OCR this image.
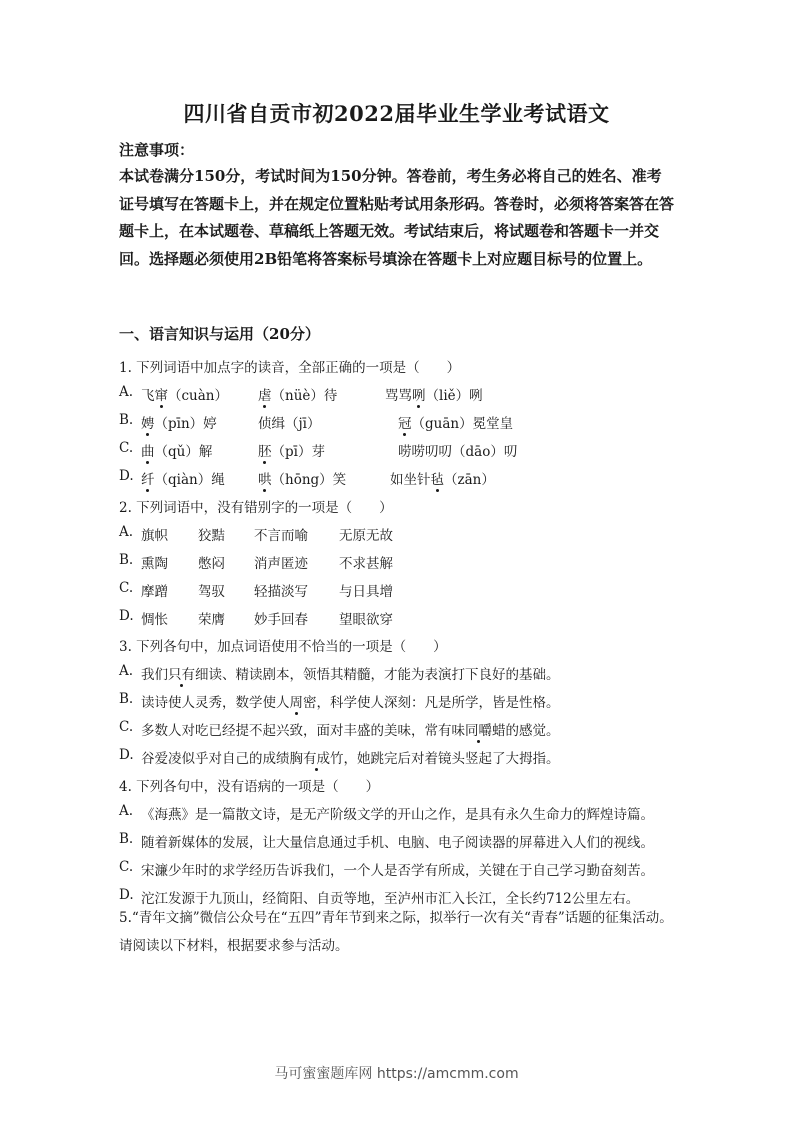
四川省自贡市初2022届毕业生学业考试语文
注意事项：
本试卷满分150分，考试时间为150分钟。答卷前，考生务必将自己的姓名、准考证号填写在答题卡上，并在规定位置粘贴考试用条形码。答卷时，必须将答案答在答题卡上，在本试题卷、草稿纸上答题无效。考试结束后，将试题卷和答题卡一并交回。选择题必须使用2B铅笔将答案标号填涂在答题卡上对应题目标号的位置上。
一、语言知识与运用（20分）
1. 下列词语中加点字的读音，全部正确的一项是（　　）
A. 飞窜（cuàn） 虐（nüè）待	骂骂咧（liě）咧
B. 娉（pīn）婷	侦缉（jī）	冠（guān）冕堂皇
C. 曲（qǔ）解	胚（pī）芽	唠唠叨叨（dāo）叨
D. 纤（qiàn）绳 哄（hōng）笑	如坐针毡（zān）
2. 下列词语中，没有错别字的一项是（　　）
A. 旗帜 狡黠 不言而喻 无原无故
B. 熏陶 憋闷 消声匿迹 不求甚解
C. 摩蹭 驾驭 轻描淡写 与日具增
D. 惆怅 荣膺 妙手回春 望眼欲穿
3. 下列各句中，加点词语使用不恰当的一项是（　　）
A. 我们只有细读、精读剧本，领悟其精髓，才能为表演打下良好的基础。
B. 读诗使人灵秀，数学使人周密，科学使人深刻：凡是所学，皆是性格。
C. 多数人对吃已经提不起兴致，面对丰盛的美味，常有味同嚼蜡的感觉。
D. 谷爱凌似乎对自己的成绩胸有成竹，她跳完后对着镜头竖起了大拇指。
4. 下列各句中，没有语病的一项是（　　）
A. 《海燕》是一篇散文诗，是无产阶级文学的开山之作，是具有永久生命力的辉煌诗篇。
B. 随着新媒体的发展，让大量信息通过手机、电脑、电子阅读器的屏幕进入人们的视线。
C. 宋濂少年时的求学经历告诉我们，一个人是否学有所成，关键在于自己学习勤奋刻苦。
D. 沱江发源于九顶山，经简阳、自贡等地，至泸州市汇入长江，全长约712公里左右。
5.“青年文摘”微信公众号在“五四”青年节到来之际，拟举行一次有关“青春”话题的征集活动。请阅读以下材料，根据要求参与活动。
马可蜜蜜题库网 https://amcmm.com
